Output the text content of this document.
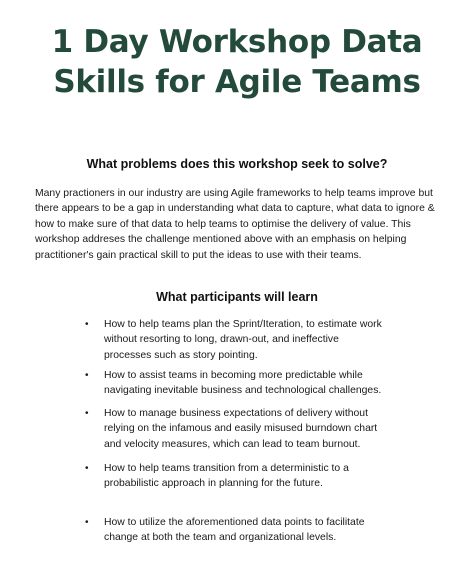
1 Day Workshop Data
Skills for Agile Teams
What problems does this workshop seek to solve?

Many practioners in our industry are using Agile frameworks to help teams improve but there appears to be a gap in understanding what data to capture, what data to ignore & how to make sure of that data to help teams to optimise the delivery of value. This workshop addreses the challenge mentioned above with an emphasis on helping practitioner's gain practical skill to put the ideas to use with their teams.

What participants will learn
•	How to help teams plan the Sprint/Iteration, to estimate work without resorting to long, drawn-out, and ineffective processes such as story pointing.
•	How to assist teams in becoming more predictable while navigating inevitable business and technological challenges.
•	How to manage business expectations of delivery without relying on the infamous and easily misused burndown chart and velocity measures, which can lead to team burnout.
•	How to help teams transition from a deterministic to a probabilistic approach in planning for the future.
•	How to utilize the aforementioned data points to facilitate change at both the team and organizational levels.
